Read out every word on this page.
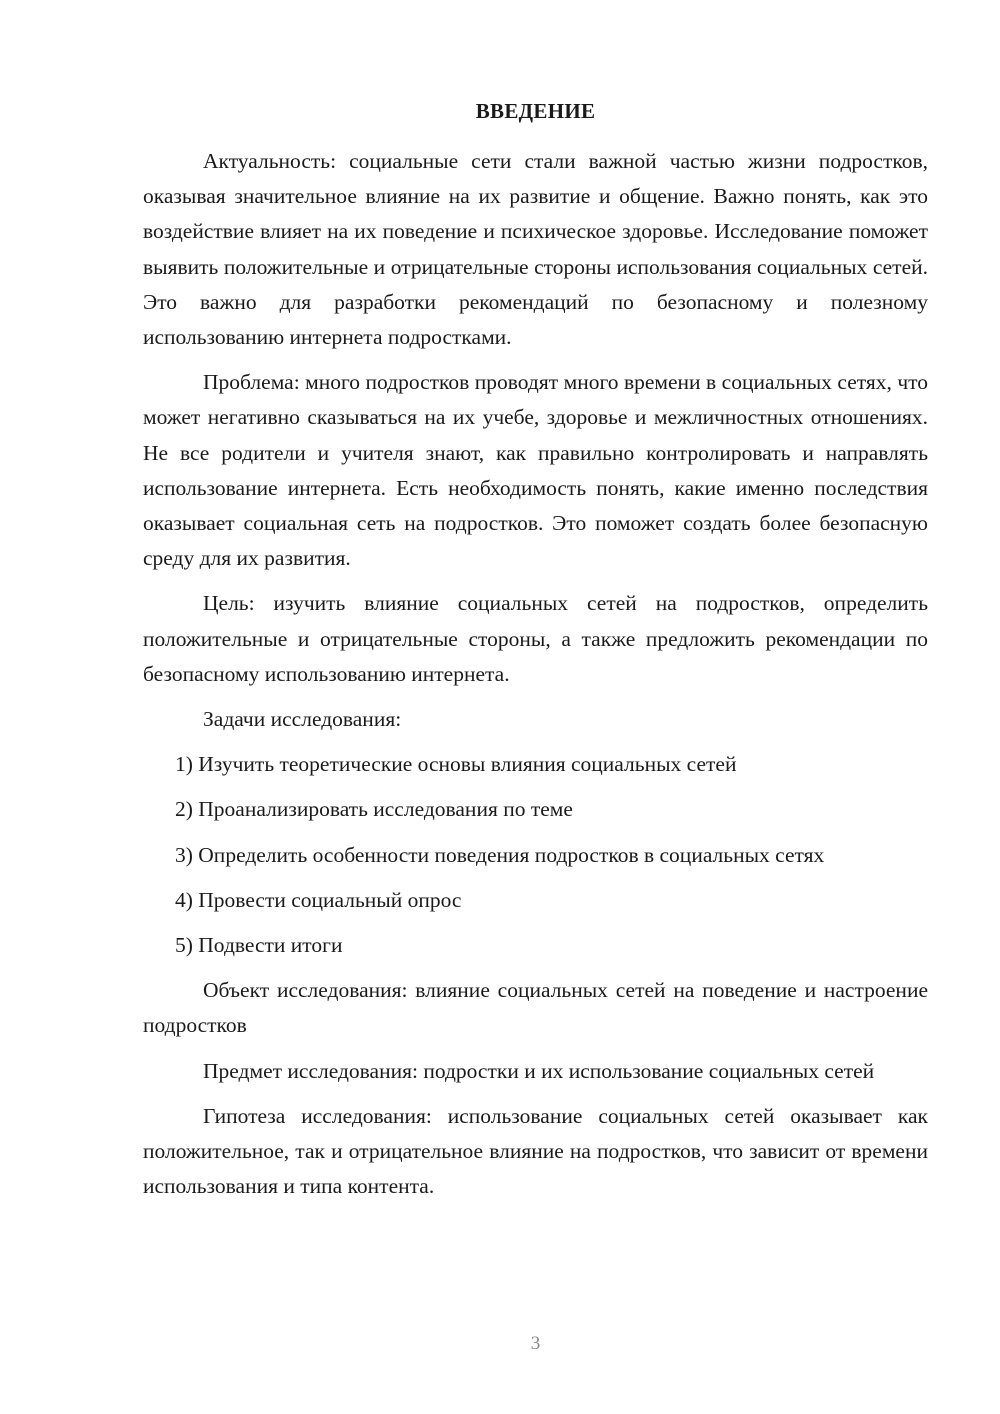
ВВЕДЕНИЕ

Актуальность: социальные сети стали важной частью жизни подростков, оказывая значительное влияние на их развитие и общение. Важно понять, как это воздействие влияет на их поведение и психическое здоровье. Исследование поможет выявить положительные и отрицательные стороны использования социальных сетей. Это важно для разработки рекомендаций по безопасному и полезному использованию интернета подростками.

Проблема: много подростков проводят много времени в социальных сетях, что может негативно сказываться на их учебе, здоровье и межличностных отношениях. Не все родители и учителя знают, как правильно контролировать и направлять использование интернета. Есть необходимость понять, какие именно последствия оказывает социальная сеть на подростков. Это поможет создать более безопасную среду для их развития.

Цель: изучить влияние социальных сетей на подростков, определить положительные и отрицательные стороны, а также предложить рекомендации по безопасному использованию интернета.

Задачи исследования:

1) Изучить теоретические основы влияния социальных сетей
2) Проанализировать исследования по теме
3) Определить особенности поведения подростков в социальных сетях
4) Провести социальный опрос
5) Подвести итоги

Объект исследования: влияние социальных сетей на поведение и настроение подростков

Предмет исследования: подростки и их использование социальных сетей

Гипотеза исследования: использование социальных сетей оказывает как положительное, так и отрицательное влияние на подростков, что зависит от времени использования и типа контента.

3
